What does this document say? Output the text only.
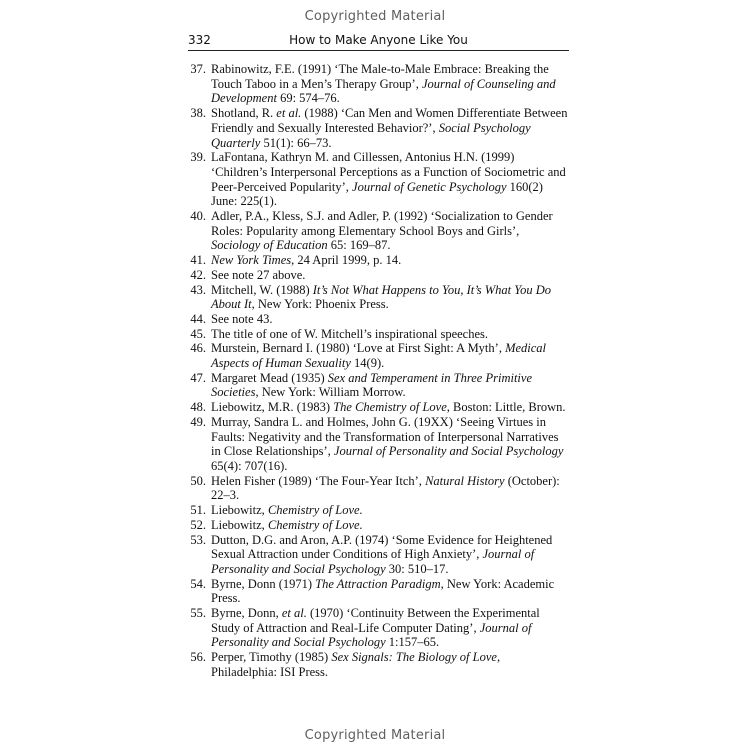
Copyrighted Material
332	How to Make Anyone Like You
37. Rabinowitz, F.E. (1991) ‘The Male-to-Male Embrace: Breaking the Touch Taboo in a Men’s Therapy Group’, Journal of Counseling and Development 69: 574–76.
38. Shotland, R. et al. (1988) ‘Can Men and Women Differentiate Between Friendly and Sexually Interested Behavior?’, Social Psychology Quarterly 51(1): 66–73.
39. LaFontana, Kathryn M. and Cillessen, Antonius H.N. (1999) ‘Children’s Interpersonal Perceptions as a Function of Sociometric and Peer-Perceived Popularity’, Journal of Genetic Psychology 160(2) June: 225(1).
40. Adler, P.A., Kless, S.J. and Adler, P. (1992) ‘Socialization to Gender Roles: Popularity among Elementary School Boys and Girls’, Sociology of Education 65: 169–87.
41. New York Times, 24 April 1999, p. 14.
42. See note 27 above.
43. Mitchell, W. (1988) It’s Not What Happens to You, It’s What You Do About It, New York: Phoenix Press.
44. See note 43.
45. The title of one of W. Mitchell’s inspirational speeches.
46. Murstein, Bernard I. (1980) ‘Love at First Sight: A Myth’, Medical Aspects of Human Sexuality 14(9).
47. Margaret Mead (1935) Sex and Temperament in Three Primitive Societies, New York: William Morrow.
48. Liebowitz, M.R. (1983) The Chemistry of Love, Boston: Little, Brown.
49. Murray, Sandra L. and Holmes, John G. (19XX) ‘Seeing Virtues in Faults: Negativity and the Transformation of Interpersonal Narratives in Close Relationships’, Journal of Personality and Social Psychology 65(4): 707(16).
50. Helen Fisher (1989) ‘The Four-Year Itch’, Natural History (October): 22–3.
51. Liebowitz, Chemistry of Love.
52. Liebowitz, Chemistry of Love.
53. Dutton, D.G. and Aron, A.P. (1974) ‘Some Evidence for Heightened Sexual Attraction under Conditions of High Anxiety’, Journal of Personality and Social Psychology 30: 510–17.
54. Byrne, Donn (1971) The Attraction Paradigm, New York: Academic Press.
55. Byrne, Donn, et al. (1970) ‘Continuity Between the Experimental Study of Attraction and Real-Life Computer Dating’, Journal of Personality and Social Psychology 1:157–65.
56. Perper, Timothy (1985) Sex Signals: The Biology of Love, Philadelphia: ISI Press.
Copyrighted Material
